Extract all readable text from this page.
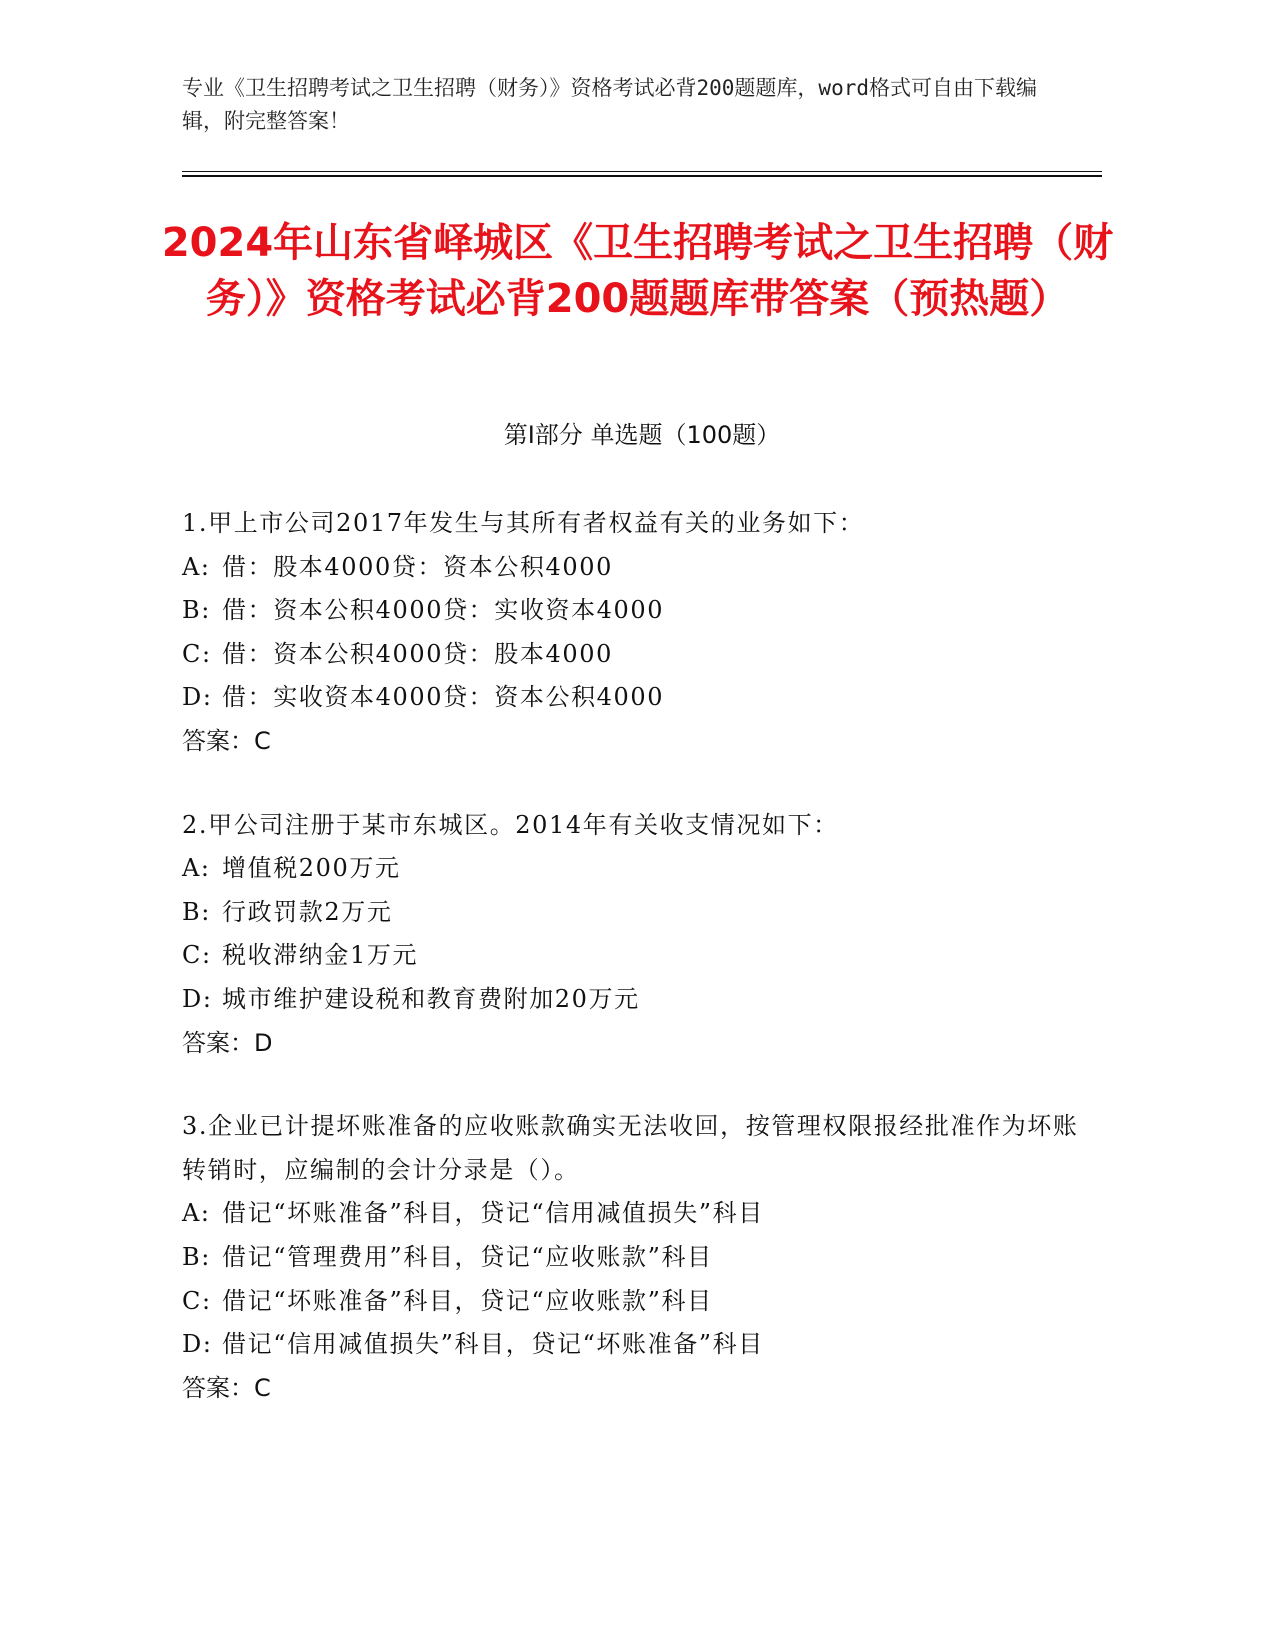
专业《卫生招聘考试之卫生招聘（财务）》资格考试必背200题题库，word格式可自由下载编辑，附完整答案！
2024年山东省峄城区《卫生招聘考试之卫生招聘（财务）》资格考试必背200题题库带答案（预热题）
第Ⅰ部分 单选题（100题）
1.甲上市公司2017年发生与其所有者权益有关的业务如下：
A: 借：股本4000贷：资本公积4000
B: 借：资本公积4000贷：实收资本4000
C: 借：资本公积4000贷：股本4000
D: 借：实收资本4000贷：资本公积4000
答案：C
2.甲公司注册于某市东城区。2014年有关收支情况如下：
A: 增值税200万元
B: 行政罚款2万元
C: 税收滞纳金1万元
D: 城市维护建设税和教育费附加20万元
答案：D
3.企业已计提坏账准备的应收账款确实无法收回，按管理权限报经批准作为坏账转销时，应编制的会计分录是（）。
A: 借记“坏账准备”科目，贷记“信用减值损失”科目
B: 借记“管理费用”科目，贷记“应收账款”科目
C: 借记“坏账准备”科目，贷记“应收账款”科目
D: 借记“信用减值损失”科目，贷记“坏账准备”科目
答案：C
